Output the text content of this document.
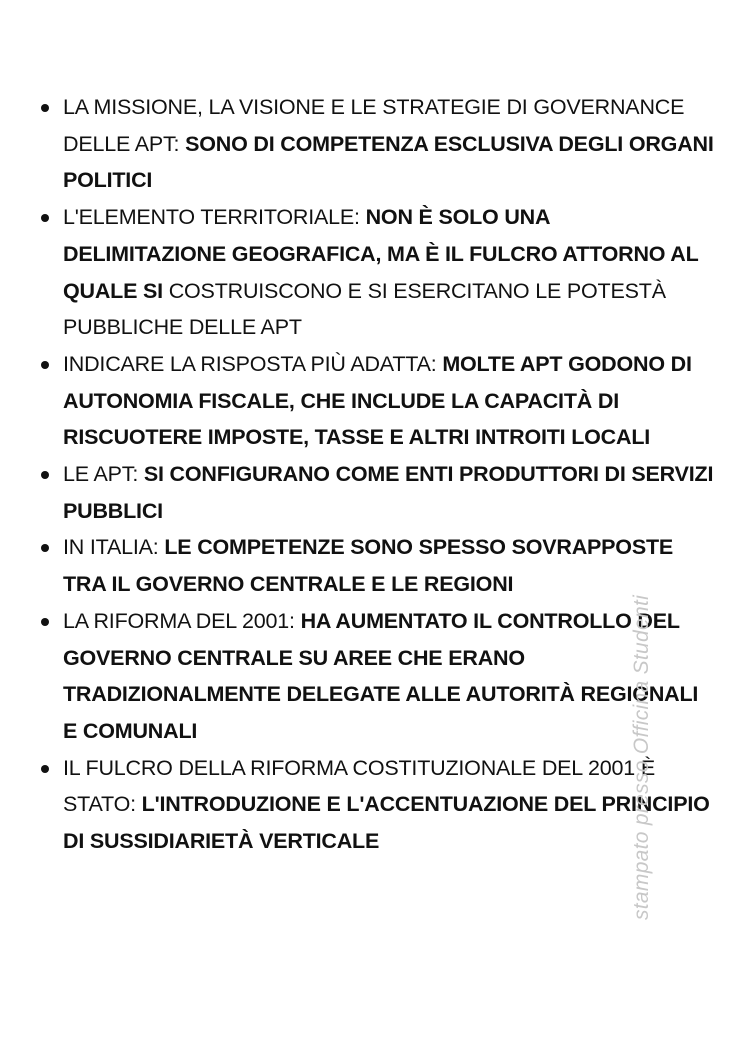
LA MISSIONE, LA VISIONE E LE STRATEGIE DI GOVERNANCE DELLE APT: SONO DI COMPETENZA ESCLUSIVA DEGLI ORGANI POLITICI
L'ELEMENTO TERRITORIALE: NON È SOLO UNA DELIMITAZIONE GEOGRAFICA, MA È IL FULCRO ATTORNO AL QUALE SI COSTRUISCONO E SI ESERCITANO LE POTESTÀ PUBBLICHE DELLE APT
INDICARE LA RISPOSTA PIÙ ADATTA: MOLTE APT GODONO DI AUTONOMIA FISCALE, CHE INCLUDE LA CAPACITÀ DI RISCUOTERE IMPOSTE, TASSE E ALTRI INTROITI LOCALI
LE APT: SI CONFIGURANO COME ENTI PRODUTTORI DI SERVIZI PUBBLICI
IN ITALIA: LE COMPETENZE SONO SPESSO SOVRAPPOSTE TRA IL GOVERNO CENTRALE E LE REGIONI
LA RIFORMA DEL 2001: HA AUMENTATO IL CONTROLLO DEL GOVERNO CENTRALE SU AREE CHE ERANO TRADIZIONALMENTE DELEGATE ALLE AUTORITÀ REGIONALI E COMUNALI
IL FULCRO DELLA RIFORMA COSTITUZIONALE DEL 2001 È STATO: L'INTRODUZIONE E L'ACCENTUAZIONE DEL PRINCIPIO DI SUSSIDIARIETÀ VERTICALE	stampato presso Officina Studenti
